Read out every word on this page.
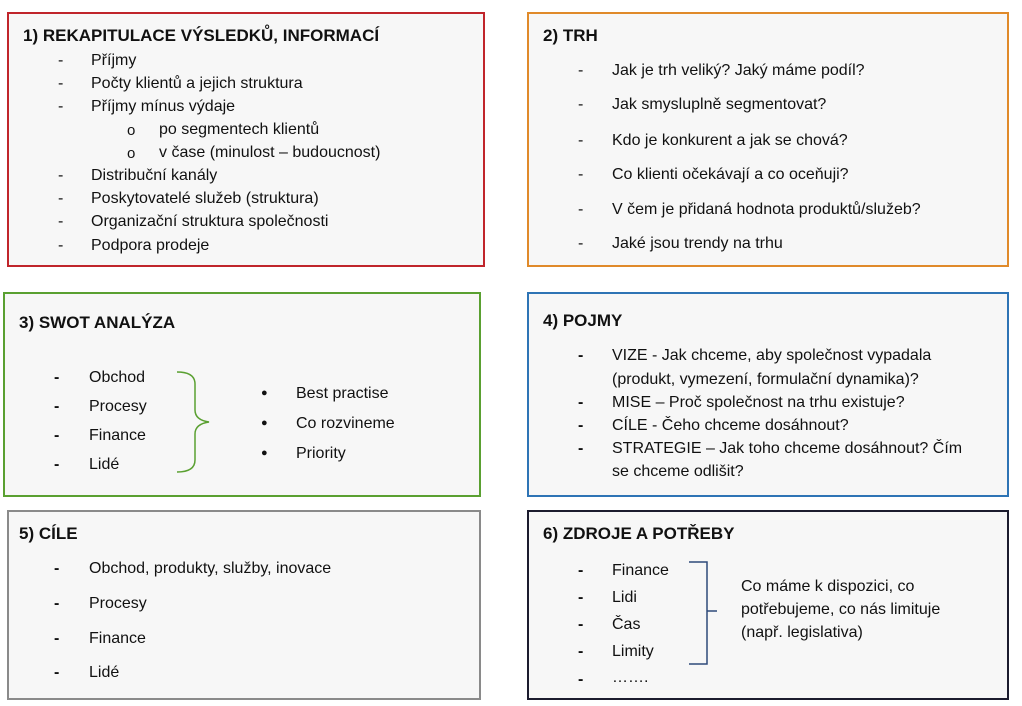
1) REKAPITULACE VÝSLEDKŮ, INFORMACÍ
- Příjmy
- Počty klientů a jejich struktura
- Příjmy mínus výdaje
o po segmentech klientů
o v čase (minulost – budoucnost)
- Distribuční kanály
- Poskytovatelé služeb (struktura)
- Organizační struktura společnosti
- Podpora prodeje
2) TRH
- Jak je trh veliký? Jaký máme podíl?
- Jak smysluplně segmentovat?
- Kdo je konkurent a jak se chová?
- Co klienti očekávají a co oceňuji?
- V čem je přidaná hodnota produktů/služeb?
- Jaké jsou trendy na trhu
3) SWOT ANALÝZA
- Obchod
- Procesy
- Finance
- Lidé
● Best practise
● Co rozvineme
● Priority
4) POJMY
- VIZE - Jak chceme, aby společnost vypadala
(produkt, vymezení, formulační dynamika)?
- MISE – Proč společnost na trhu existuje?
- CÍLE - Čeho chceme dosáhnout?
- STRATEGIE – Jak toho chceme dosáhnout? Čím
se chceme odlišit?
5) CÍLE
- Obchod, produkty, služby, inovace
- Procesy
- Finance
- Lidé
6) ZDROJE A POTŘEBY
- Finance
- Lidi
- Čas
- Limity
- …….
Co máme k dispozici, co
potřebujeme, co nás limituje
(např. legislativa)
